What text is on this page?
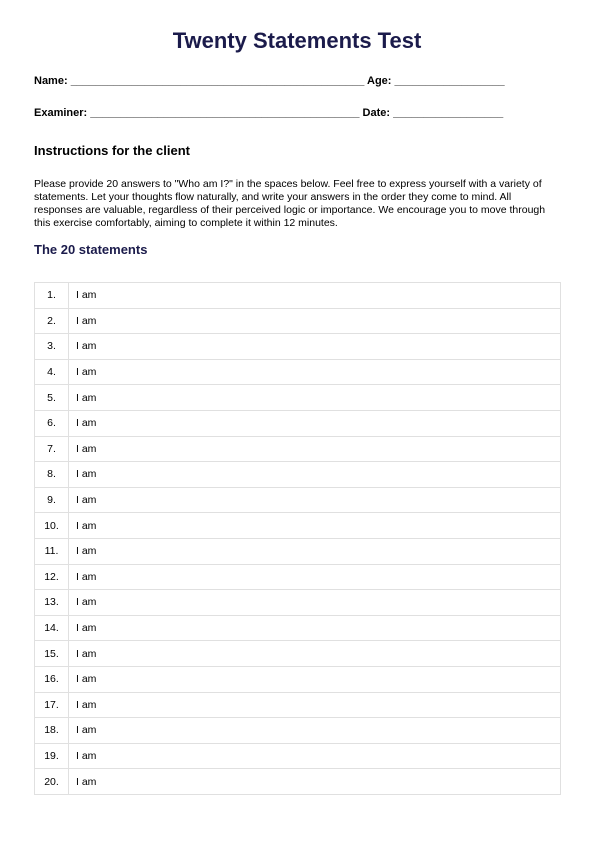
Twenty Statements Test
Name: ________________________________________________ Age: __________________
Examiner: ____________________________________________ Date: __________________
Instructions for the client

Please provide 20 answers to "Who am I?" in the spaces below. Feel free to express yourself with a variety of statements. Let your thoughts flow naturally, and write your answers in the order they come to mind. All responses are valuable, regardless of their perceived logic or importance. We encourage you to move through this exercise comfortably, aiming to complete it within 12 minutes.

The 20 statements
1.	I am
2.	I am
3.	I am
4.	I am
5.	I am
6.	I am
7.	I am
8.	I am
9.	I am
10.	I am
11.	I am
12.	I am
13.	I am
14.	I am
15.	I am
16.	I am
17.	I am
18.	I am
19.	I am
20.	I am
